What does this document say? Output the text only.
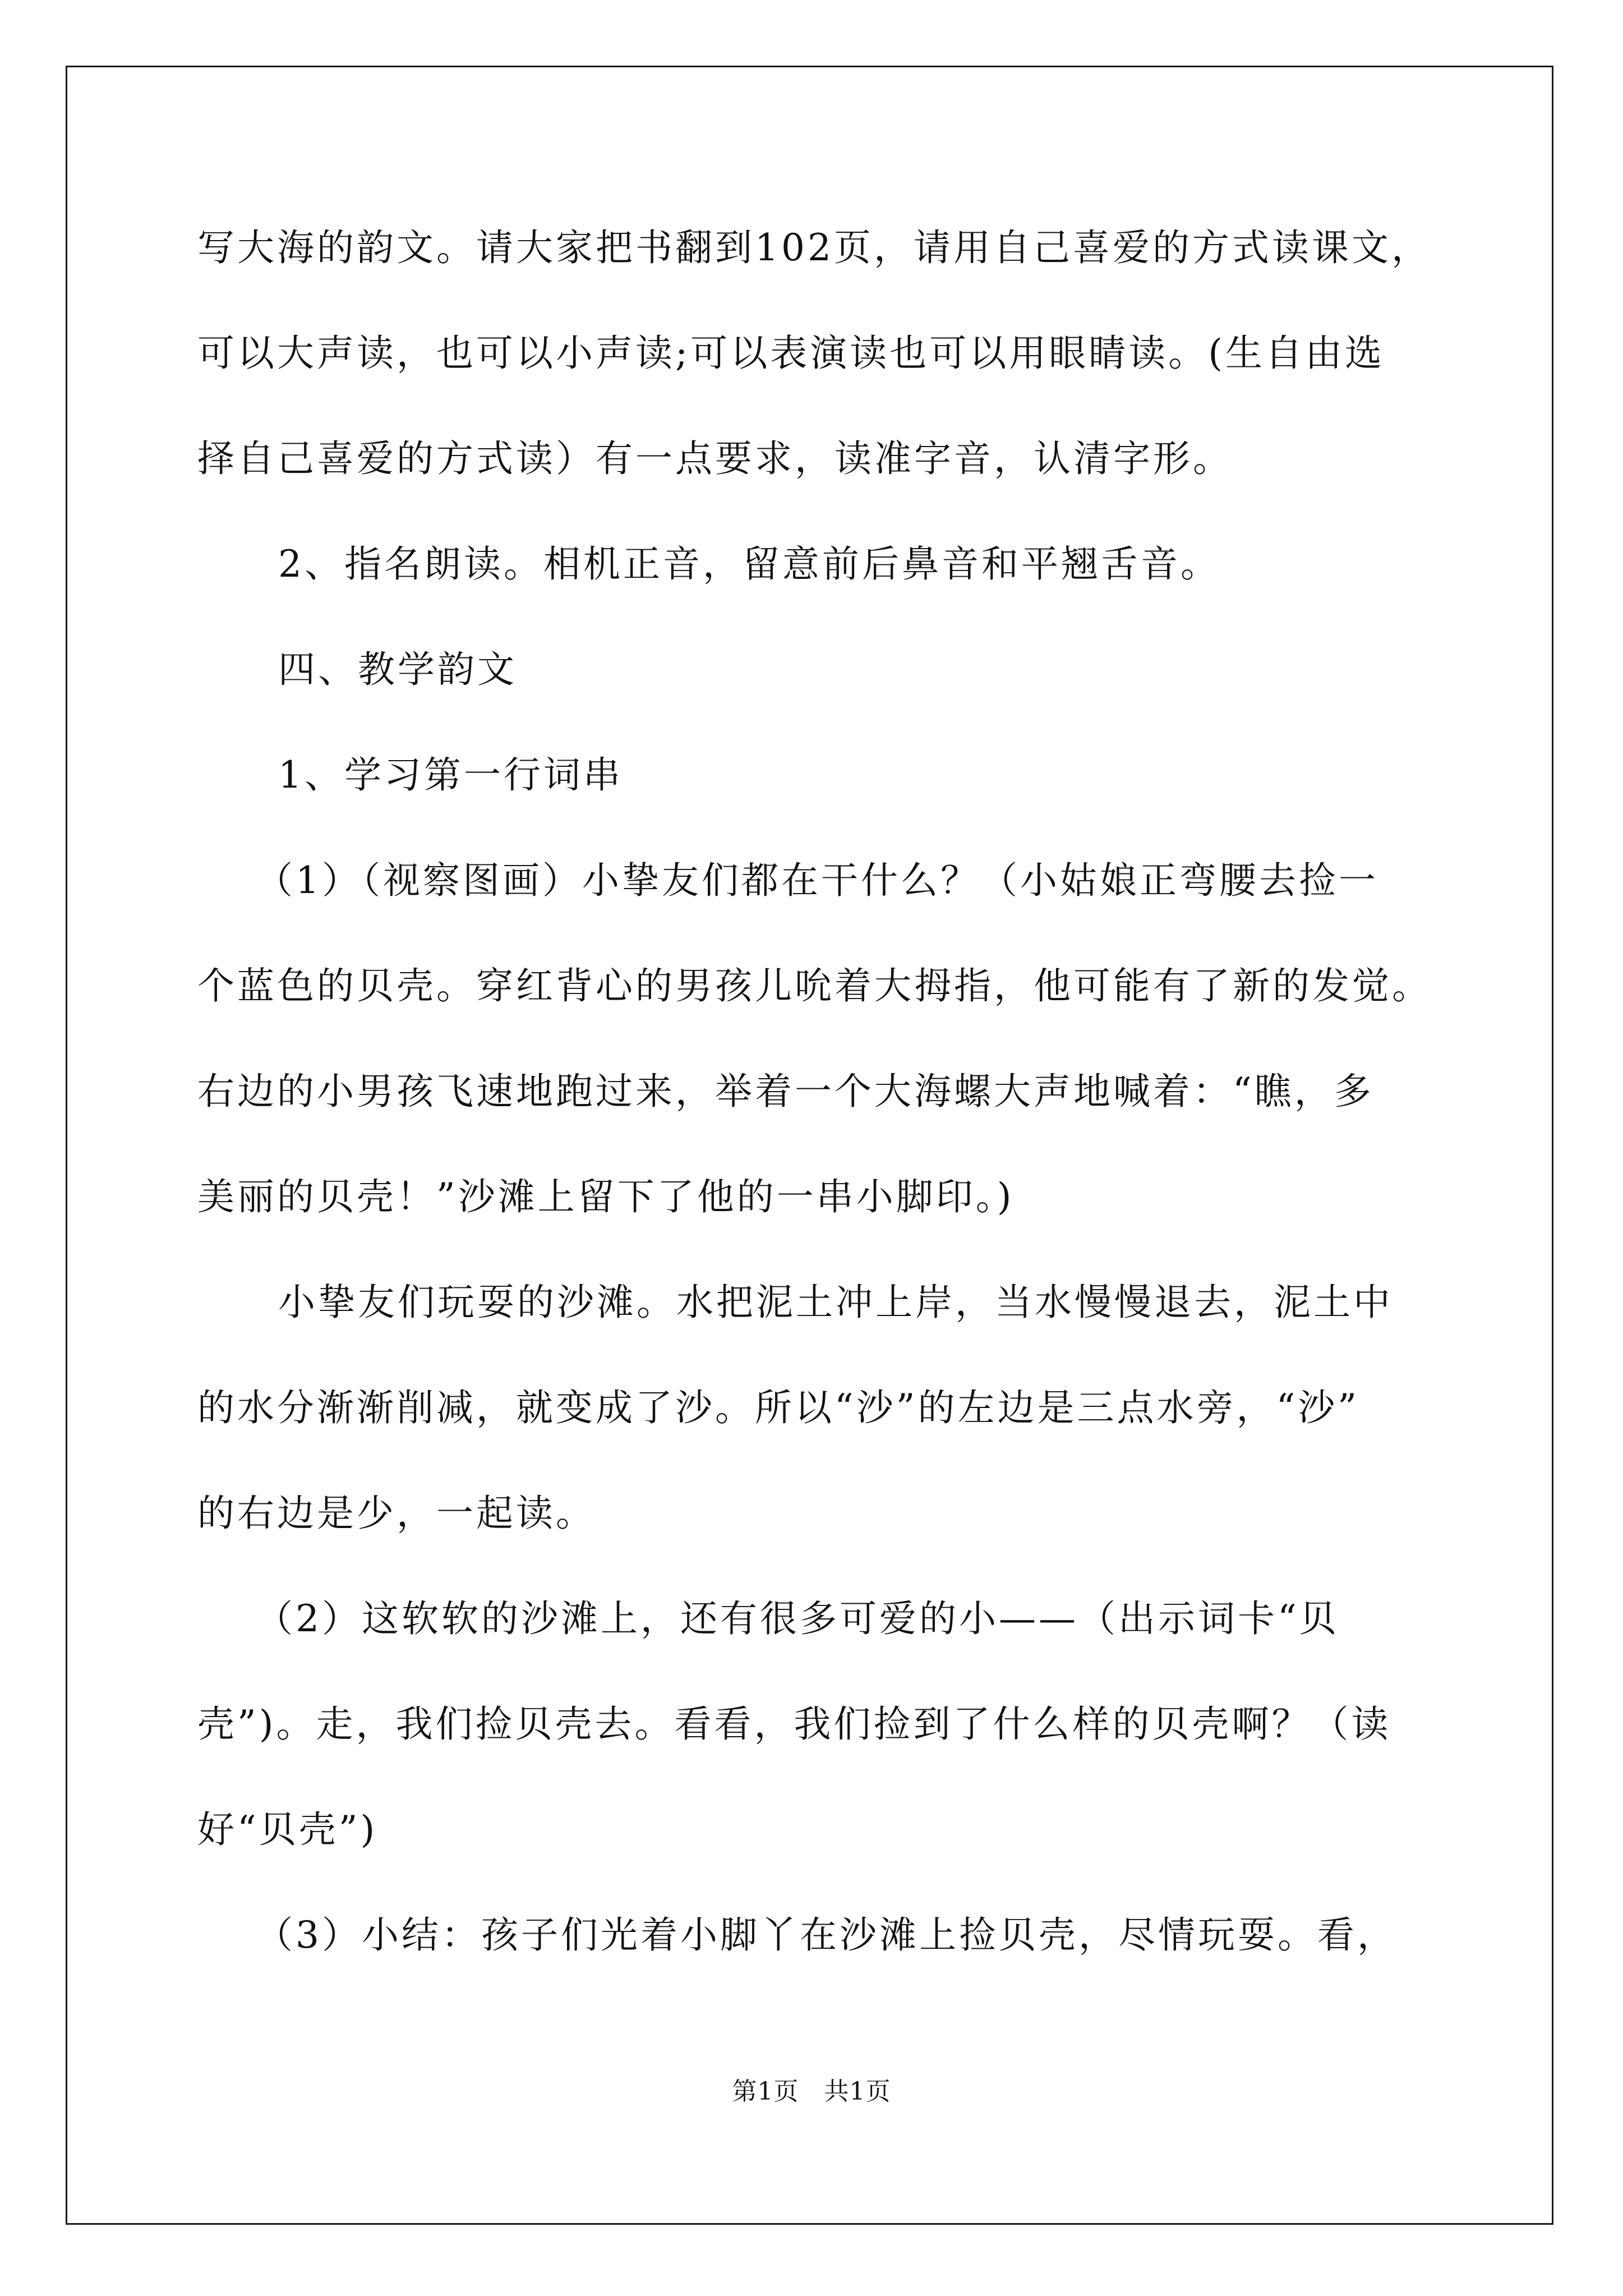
写大海的韵文。请大家把书翻到102页，请用自己喜爱的方式读课文，
可以大声读，也可以小声读;可以表演读也可以用眼睛读。(生自由选
择自己喜爱的方式读）有一点要求，读准字音，认清字形。
2、指名朗读。相机正音，留意前后鼻音和平翘舌音。
四、教学韵文
1、学习第一行词串
（1）（视察图画）小挚友们都在干什么？（小姑娘正弯腰去捡一
个蓝色的贝壳。穿红背心的男孩儿吮着大拇指，他可能有了新的发觉。
右边的小男孩飞速地跑过来，举着一个大海螺大声地喊着：“瞧，多
美丽的贝壳！”沙滩上留下了他的一串小脚印。)
小挚友们玩耍的沙滩。水把泥土冲上岸，当水慢慢退去，泥土中
的水分渐渐削减，就变成了沙。所以“沙”的左边是三点水旁，“沙”
的右边是少，一起读。
（2）这软软的沙滩上，还有很多可爱的小——（出示词卡“贝
壳”)。走，我们捡贝壳去。看看，我们捡到了什么样的贝壳啊？（读
好“贝壳”)
（3）小结：孩子们光着小脚丫在沙滩上捡贝壳，尽情玩耍。看，
第1页　共1页
